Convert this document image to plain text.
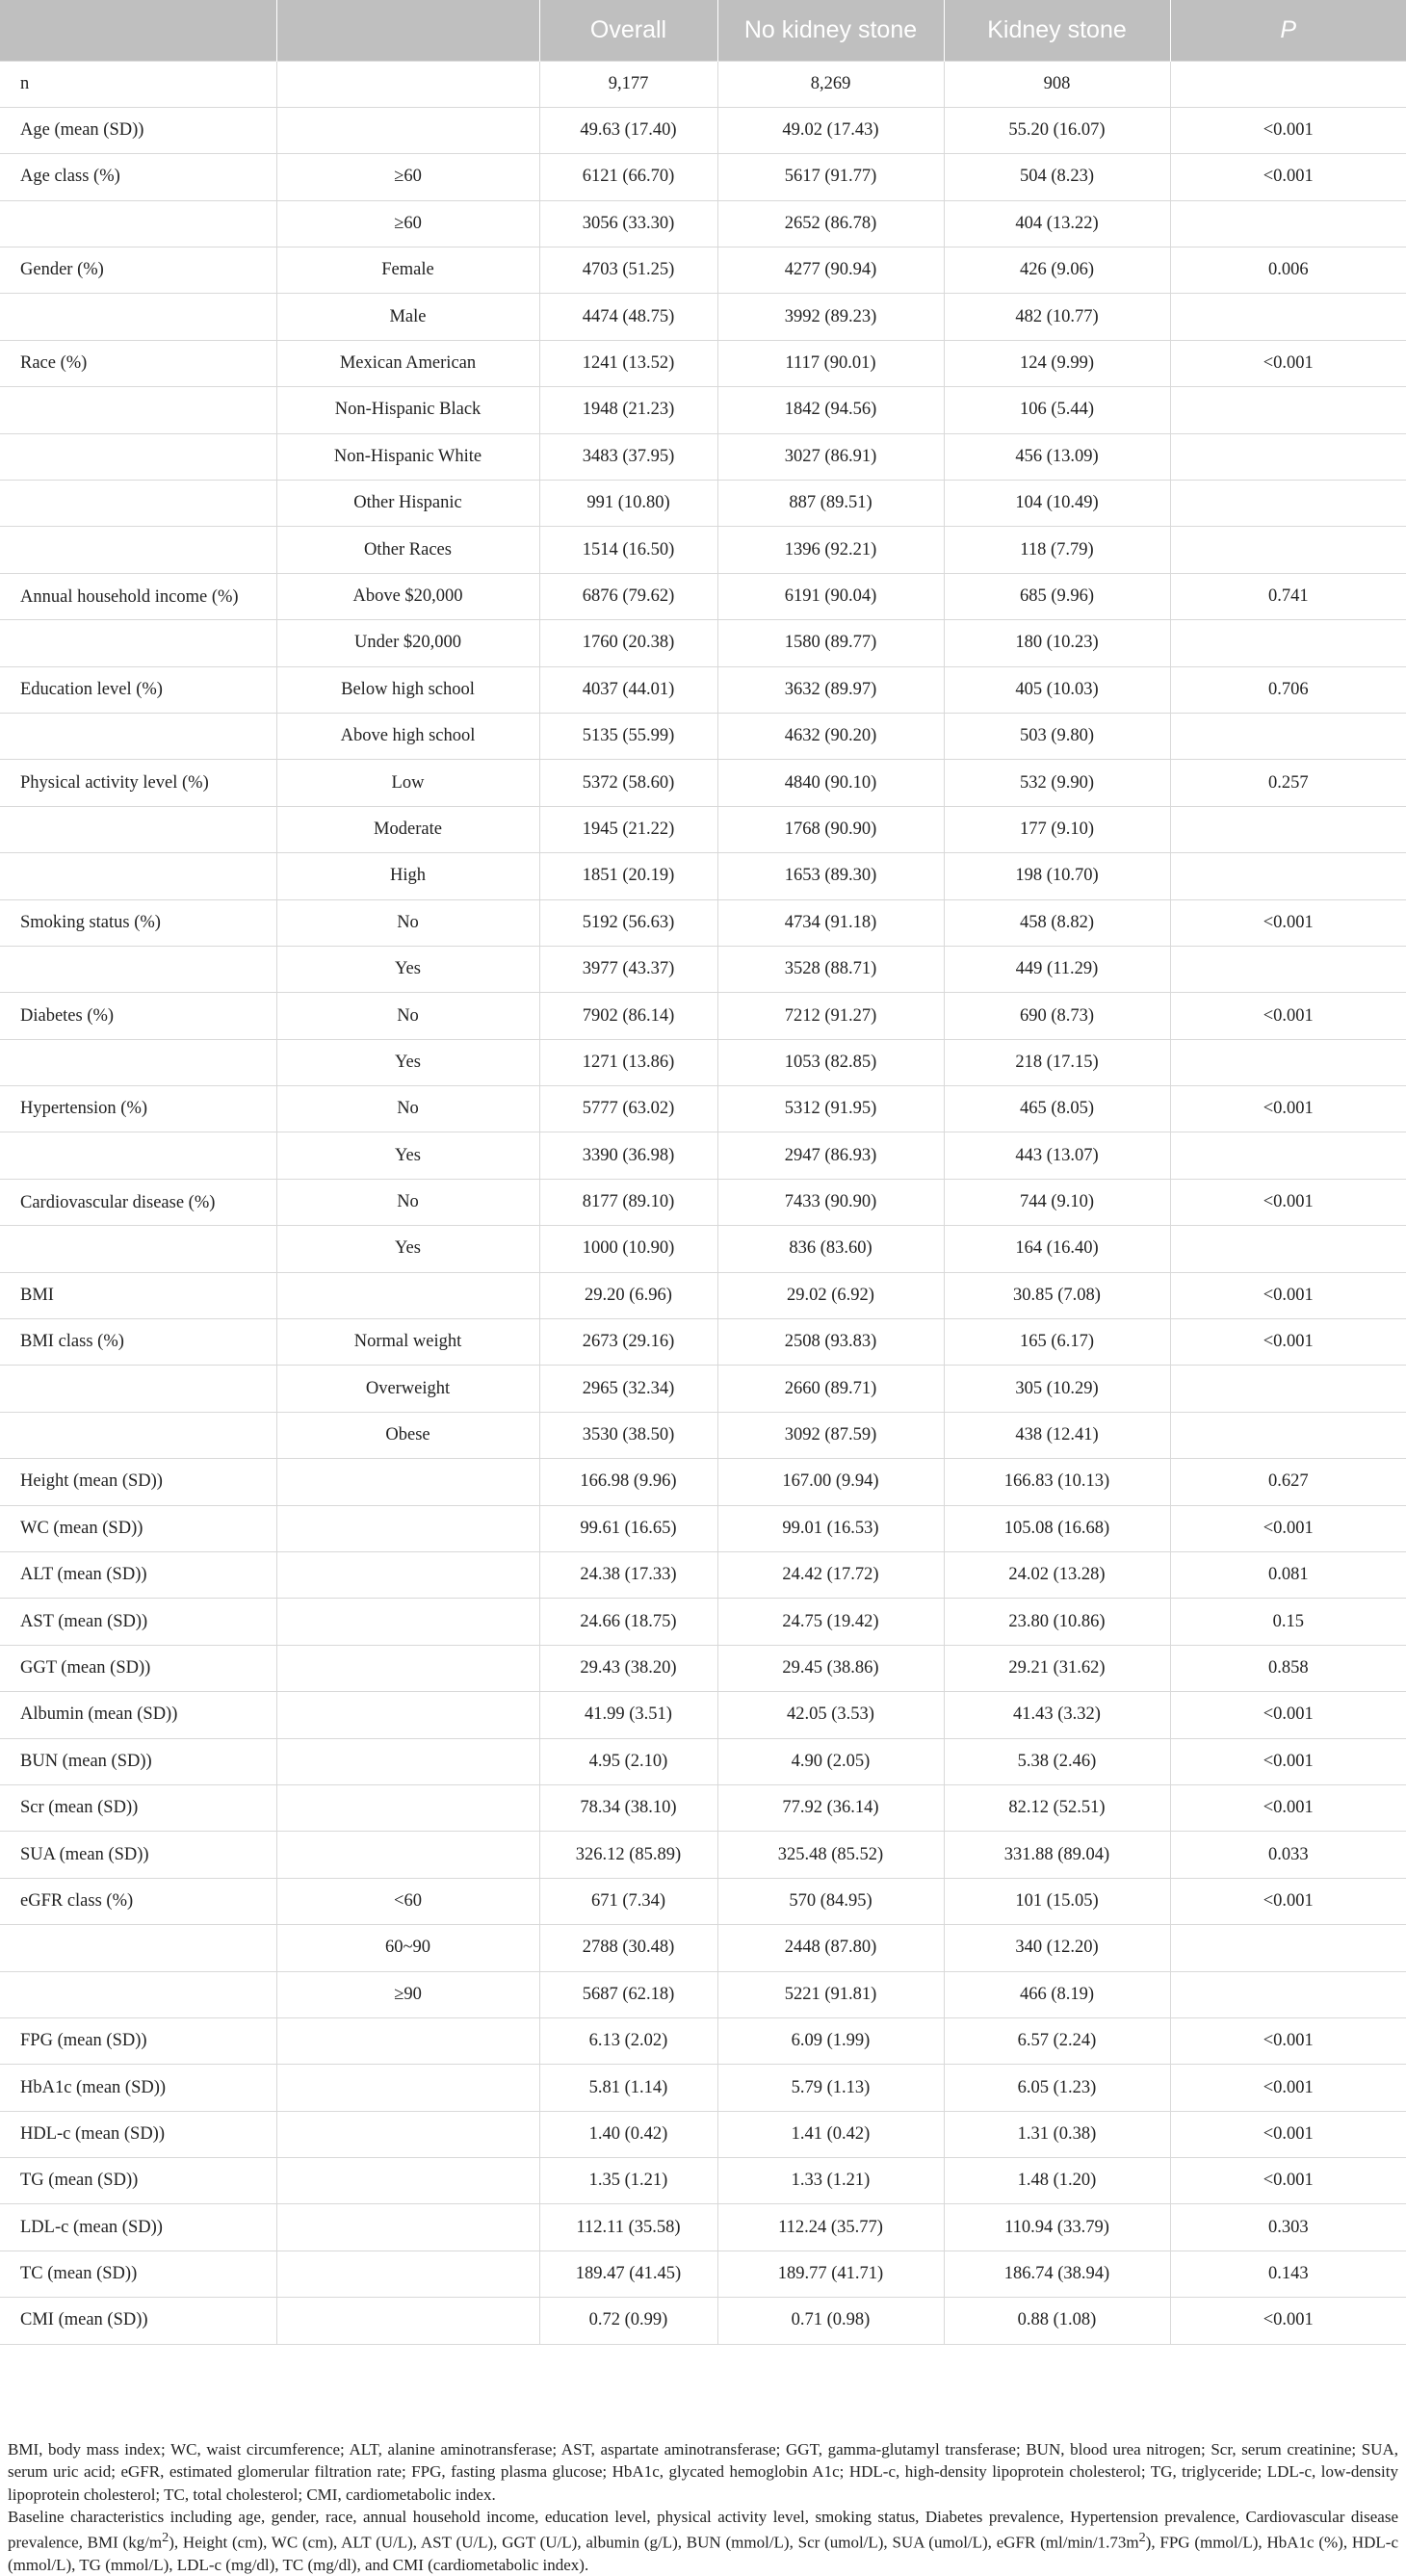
		Overall	No kidney stone	Kidney stone	P
n		9,177	8,269	908	
Age (mean (SD))		49.63 (17.40)	49.02 (17.43)	55.20 (16.07)	<0.001
Age class (%)	≥60	6121 (66.70)	5617 (91.77)	504 (8.23)	<0.001
	≥60	3056 (33.30)	2652 (86.78)	404 (13.22)	
Gender (%)	Female	4703 (51.25)	4277 (90.94)	426 (9.06)	0.006
	Male	4474 (48.75)	3992 (89.23)	482 (10.77)	
Race (%)	Mexican American	1241 (13.52)	1117 (90.01)	124 (9.99)	<0.001
	Non-Hispanic Black	1948 (21.23)	1842 (94.56)	106 (5.44)	
	Non-Hispanic White	3483 (37.95)	3027 (86.91)	456 (13.09)	
	Other Hispanic	991 (10.80)	887 (89.51)	104 (10.49)	
	Other Races	1514 (16.50)	1396 (92.21)	118 (7.79)	
Annual household income (%)	Above $20,000	6876 (79.62)	6191 (90.04)	685 (9.96)	0.741
	Under $20,000	1760 (20.38)	1580 (89.77)	180 (10.23)	
Education level (%)	Below high school	4037 (44.01)	3632 (89.97)	405 (10.03)	0.706
	Above high school	5135 (55.99)	4632 (90.20)	503 (9.80)	
Physical activity level (%)	Low	5372 (58.60)	4840 (90.10)	532 (9.90)	0.257
	Moderate	1945 (21.22)	1768 (90.90)	177 (9.10)	
	High	1851 (20.19)	1653 (89.30)	198 (10.70)	
Smoking status (%)	No	5192 (56.63)	4734 (91.18)	458 (8.82)	<0.001
	Yes	3977 (43.37)	3528 (88.71)	449 (11.29)	
Diabetes (%)	No	7902 (86.14)	7212 (91.27)	690 (8.73)	<0.001
	Yes	1271 (13.86)	1053 (82.85)	218 (17.15)	
Hypertension (%)	No	5777 (63.02)	5312 (91.95)	465 (8.05)	<0.001
	Yes	3390 (36.98)	2947 (86.93)	443 (13.07)	
Cardiovascular disease (%)	No	8177 (89.10)	7433 (90.90)	744 (9.10)	<0.001
	Yes	1000 (10.90)	836 (83.60)	164 (16.40)	
BMI		29.20 (6.96)	29.02 (6.92)	30.85 (7.08)	<0.001
BMI class (%)	Normal weight	2673 (29.16)	2508 (93.83)	165 (6.17)	<0.001
	Overweight	2965 (32.34)	2660 (89.71)	305 (10.29)	
	Obese	3530 (38.50)	3092 (87.59)	438 (12.41)	
Height (mean (SD))		166.98 (9.96)	167.00 (9.94)	166.83 (10.13)	0.627
WC (mean (SD))		99.61 (16.65)	99.01 (16.53)	105.08 (16.68)	<0.001
ALT (mean (SD))		24.38 (17.33)	24.42 (17.72)	24.02 (13.28)	0.081
AST (mean (SD))		24.66 (18.75)	24.75 (19.42)	23.80 (10.86)	0.15
GGT (mean (SD))		29.43 (38.20)	29.45 (38.86)	29.21 (31.62)	0.858
Albumin (mean (SD))		41.99 (3.51)	42.05 (3.53)	41.43 (3.32)	<0.001
BUN (mean (SD))		4.95 (2.10)	4.90 (2.05)	5.38 (2.46)	<0.001
Scr (mean (SD))		78.34 (38.10)	77.92 (36.14)	82.12 (52.51)	<0.001
SUA (mean (SD))		326.12 (85.89)	325.48 (85.52)	331.88 (89.04)	0.033
eGFR class (%)	<60	671 (7.34)	570 (84.95)	101 (15.05)	<0.001
	60~90	2788 (30.48)	2448 (87.80)	340 (12.20)	
	≥90	5687 (62.18)	5221 (91.81)	466 (8.19)	
FPG (mean (SD))		6.13 (2.02)	6.09 (1.99)	6.57 (2.24)	<0.001
HbA1c (mean (SD))		5.81 (1.14)	5.79 (1.13)	6.05 (1.23)	<0.001
HDL-c (mean (SD))		1.40 (0.42)	1.41 (0.42)	1.31 (0.38)	<0.001
TG (mean (SD))		1.35 (1.21)	1.33 (1.21)	1.48 (1.20)	<0.001
LDL-c (mean (SD))		112.11 (35.58)	112.24 (35.77)	110.94 (33.79)	0.303
TC (mean (SD))		189.47 (41.45)	189.77 (41.71)	186.74 (38.94)	0.143
CMI (mean (SD))		0.72 (0.99)	0.71 (0.98)	0.88 (1.08)	<0.001

BMI, body mass index; WC, waist circumference; ALT, alanine aminotransferase; AST, aspartate aminotransferase; GGT, gamma-glutamyl transferase; BUN, blood urea nitrogen; Scr, serum creatinine; SUA, serum uric acid; eGFR, estimated glomerular filtration rate; FPG, fasting plasma glucose; HbA1c, glycated hemoglobin A1c; HDL-c, high-density lipoprotein cholesterol; TG, triglyceride; LDL-c, low-density lipoprotein cholesterol; TC, total cholesterol; CMI, cardiometabolic index.

Baseline characteristics including age, gender, race, annual household income, education level, physical activity level, smoking status, Diabetes prevalence, Hypertension prevalence, Cardiovascular disease prevalence, BMI $(kg/m^2)$, Height (cm), WC (cm), ALT (U/L), AST (U/L), GGT (U/L), albumin (g/L), BUN (mmol/L), Scr (umol/L), SUA (umol/L), eGFR $(ml/\min/1.73m^2)$, FPG (mmol/L), HbA1c (%), HDL-c (mmol/L), TG (mmol/L), LDL-c (mg/dl), TC (mg/dl), and CMI (cardiometabolic index).
